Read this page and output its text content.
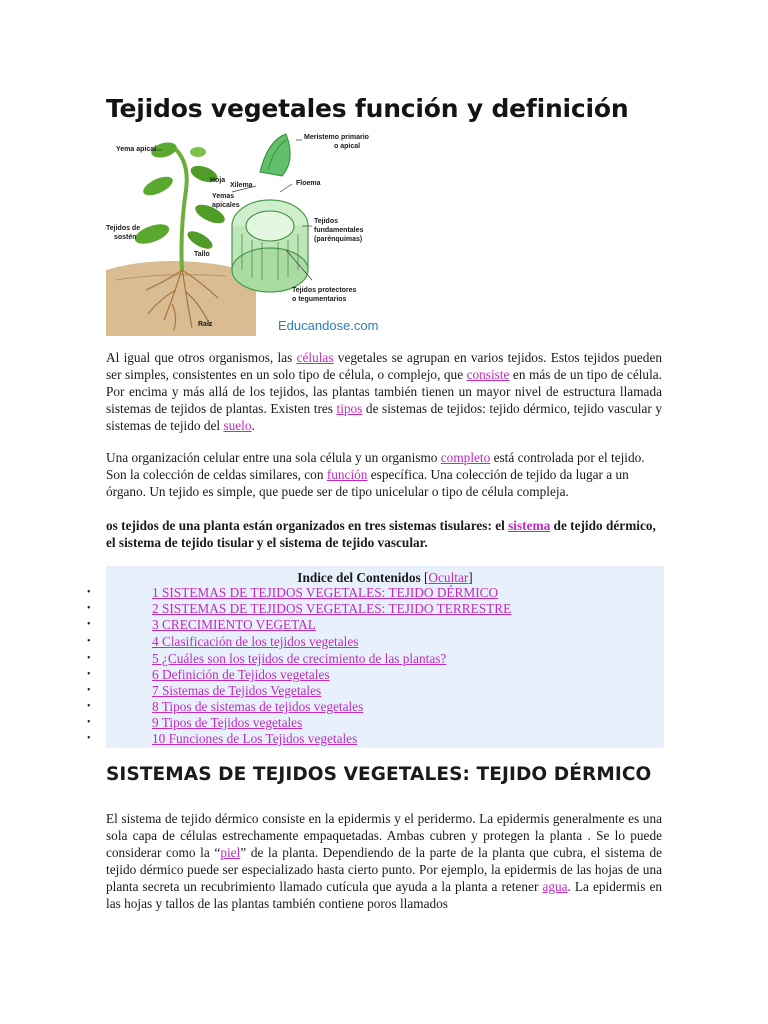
Tejidos vegetales función y definición
Yema apical
Hoja
Xilema	Floema
Yemas
apicales
Tejidos de
sostén
Tallo
Raíz
Meristemo primario
o apical
Tejidos
fundamentales
(parénquimas)
Tejidos protectores
o tegumentarios
Educandose.com

Al igual que otros organismos, las células vegetales se agrupan en varios tejidos. Estos tejidos pueden ser simples, consistentes en un solo tipo de célula, o complejo, que consiste en más de un tipo de célula. Por encima y más allá de los tejidos, las plantas también tienen un mayor nivel de estructura llamada sistemas de tejidos de plantas. Existen tres tipos de sistemas de tejidos: tejido dérmico, tejido vascular y sistemas de tejido del suelo.

Una organización celular entre una sola célula y un organismo completo está controlada por el tejido. Son la colección de celdas similares, con función específica. Una colección de tejido da lugar a un órgano. Un tejido es simple, que puede ser de tipo unicelular o tipo de célula compleja.

os tejidos de una planta están organizados en tres sistemas tisulares: el sistema de tejido dérmico, el sistema de tejido tisular y el sistema de tejido vascular.

Indice del Contenidos [Ocultar]
•	1 SISTEMAS DE TEJIDOS VEGETALES: TEJIDO DÉRMICO
•	2 SISTEMAS DE TEJIDOS VEGETALES: TEJIDO TERRESTRE
•	3 CRECIMIENTO VEGETAL
•	4 Clasificación de los tejidos vegetales
•	5 ¿Cuáles son los tejidos de crecimiento de las plantas?
•	6 Definición de Tejidos vegetales
•	7 Sistemas de Tejidos Vegetales
•	8 Tipos de sistemas de tejidos vegetales
•	9 Tipos de Tejidos vegetales
•	10 Funciones de Los Tejidos vegetales
SISTEMAS DE TEJIDOS VEGETALES: TEJIDO DÉRMICO

El sistema de tejido dérmico consiste en la epidermis y el peridermo. La epidermis generalmente es una sola capa de células estrechamente empaquetadas. Ambas cubren y protegen la planta . Se lo puede considerar como la “piel” de la planta. Dependiendo de la parte de la planta que cubra, el sistema de tejido dérmico puede ser especializado hasta cierto punto. Por ejemplo, la epidermis de las hojas de una planta secreta un recubrimiento llamado cutícula que ayuda a la planta a retener agua. La epidermis en las hojas y tallos de las plantas también contiene poros llamados
